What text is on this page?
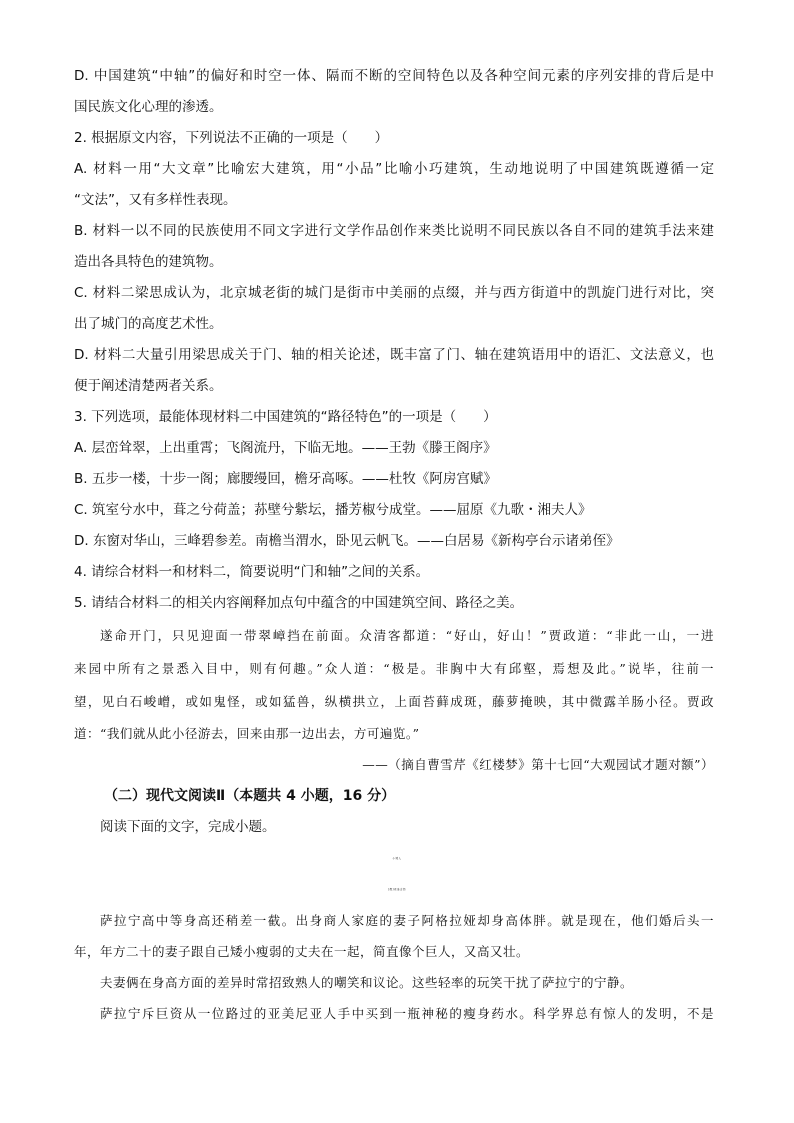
D. 中国建筑“中轴”的偏好和时空一体、隔而不断的空间特色以及各种空间元素的序列安排的背后是中
国民族文化心理的渗透。
2. 根据原文内容，下列说法不正确的一项是（　　）
A. 材料一用“大文章”比喻宏大建筑，用“小品”比喻小巧建筑，生动地说明了中国建筑既遵循一定
“文法”，又有多样性表现。
B. 材料一以不同的民族使用不同文字进行文学作品创作来类比说明不同民族以各自不同的建筑手法来建
造出各具特色的建筑物。
C. 材料二梁思成认为，北京城老街的城门是街市中美丽的点缀，并与西方街道中的凯旋门进行对比，突
出了城门的高度艺术性。
D. 材料二大量引用梁思成关于门、轴的相关论述，既丰富了门、轴在建筑语用中的语汇、文法意义，也
便于阐述清楚两者关系。
3. 下列选项，最能体现材料二中国建筑的“路径特色”的一项是（　　）
A. 层峦耸翠，上出重霄；飞阁流丹，下临无地。——王勃《滕王阁序》
B. 五步一楼，十步一阁；廊腰缦回，檐牙高啄。——杜牧《阿房宫赋》
C. 筑室兮水中，葺之兮荷盖；荪壁兮紫坛，播芳椒兮成堂。——屈原《九歌・湘夫人》
D. 东窗对华山，三峰碧参差。南檐当渭水，卧见云帆飞。——白居易《新构亭台示诸弟侄》
4. 请综合材料一和材料二，简要说明“门和轴”之间的关系。
5. 请结合材料二的相关内容阐释加点句中蕴含的中国建筑空间、路径之美。
遂命开门，只见迎面一带翠嶂挡在前面。众清客都道：“好山，好山！”贾政道：“非此一山，一进
来园中所有之景悉入目中，则有何趣。”众人道：“极是。非胸中大有邱壑，焉想及此。”说毕，往前一
望，见白石峻嶒，或如鬼怪，或如猛兽，纵横拱立，上面苔藓成斑，藤萝掩映，其中微露羊肠小径。贾政
道：“我们就从此小径游去，回来由那一边出去，方可遍览。”
——（摘自曹雪芹《红楼梦》第十七回“大观园试才题对额”）
（二）现代文阅读Ⅱ（本题共 4 小题，16 分）
阅读下面的文字，完成小题。
小矮人
[俄]索洛古勃
萨拉宁高中等身高还稍差一截。出身商人家庭的妻子阿格拉娅却身高体胖。就是现在，他们婚后头一
年，年方二十的妻子跟自己矮小瘦弱的丈夫在一起，简直像个巨人，又高又壮。
夫妻俩在身高方面的差异时常招致熟人的嘲笑和议论。这些轻率的玩笑干扰了萨拉宁的宁静。
萨拉宁斥巨资从一位路过的亚美尼亚人手中买到一瓶神秘的瘦身药水。科学界总有惊人的发明，不是
